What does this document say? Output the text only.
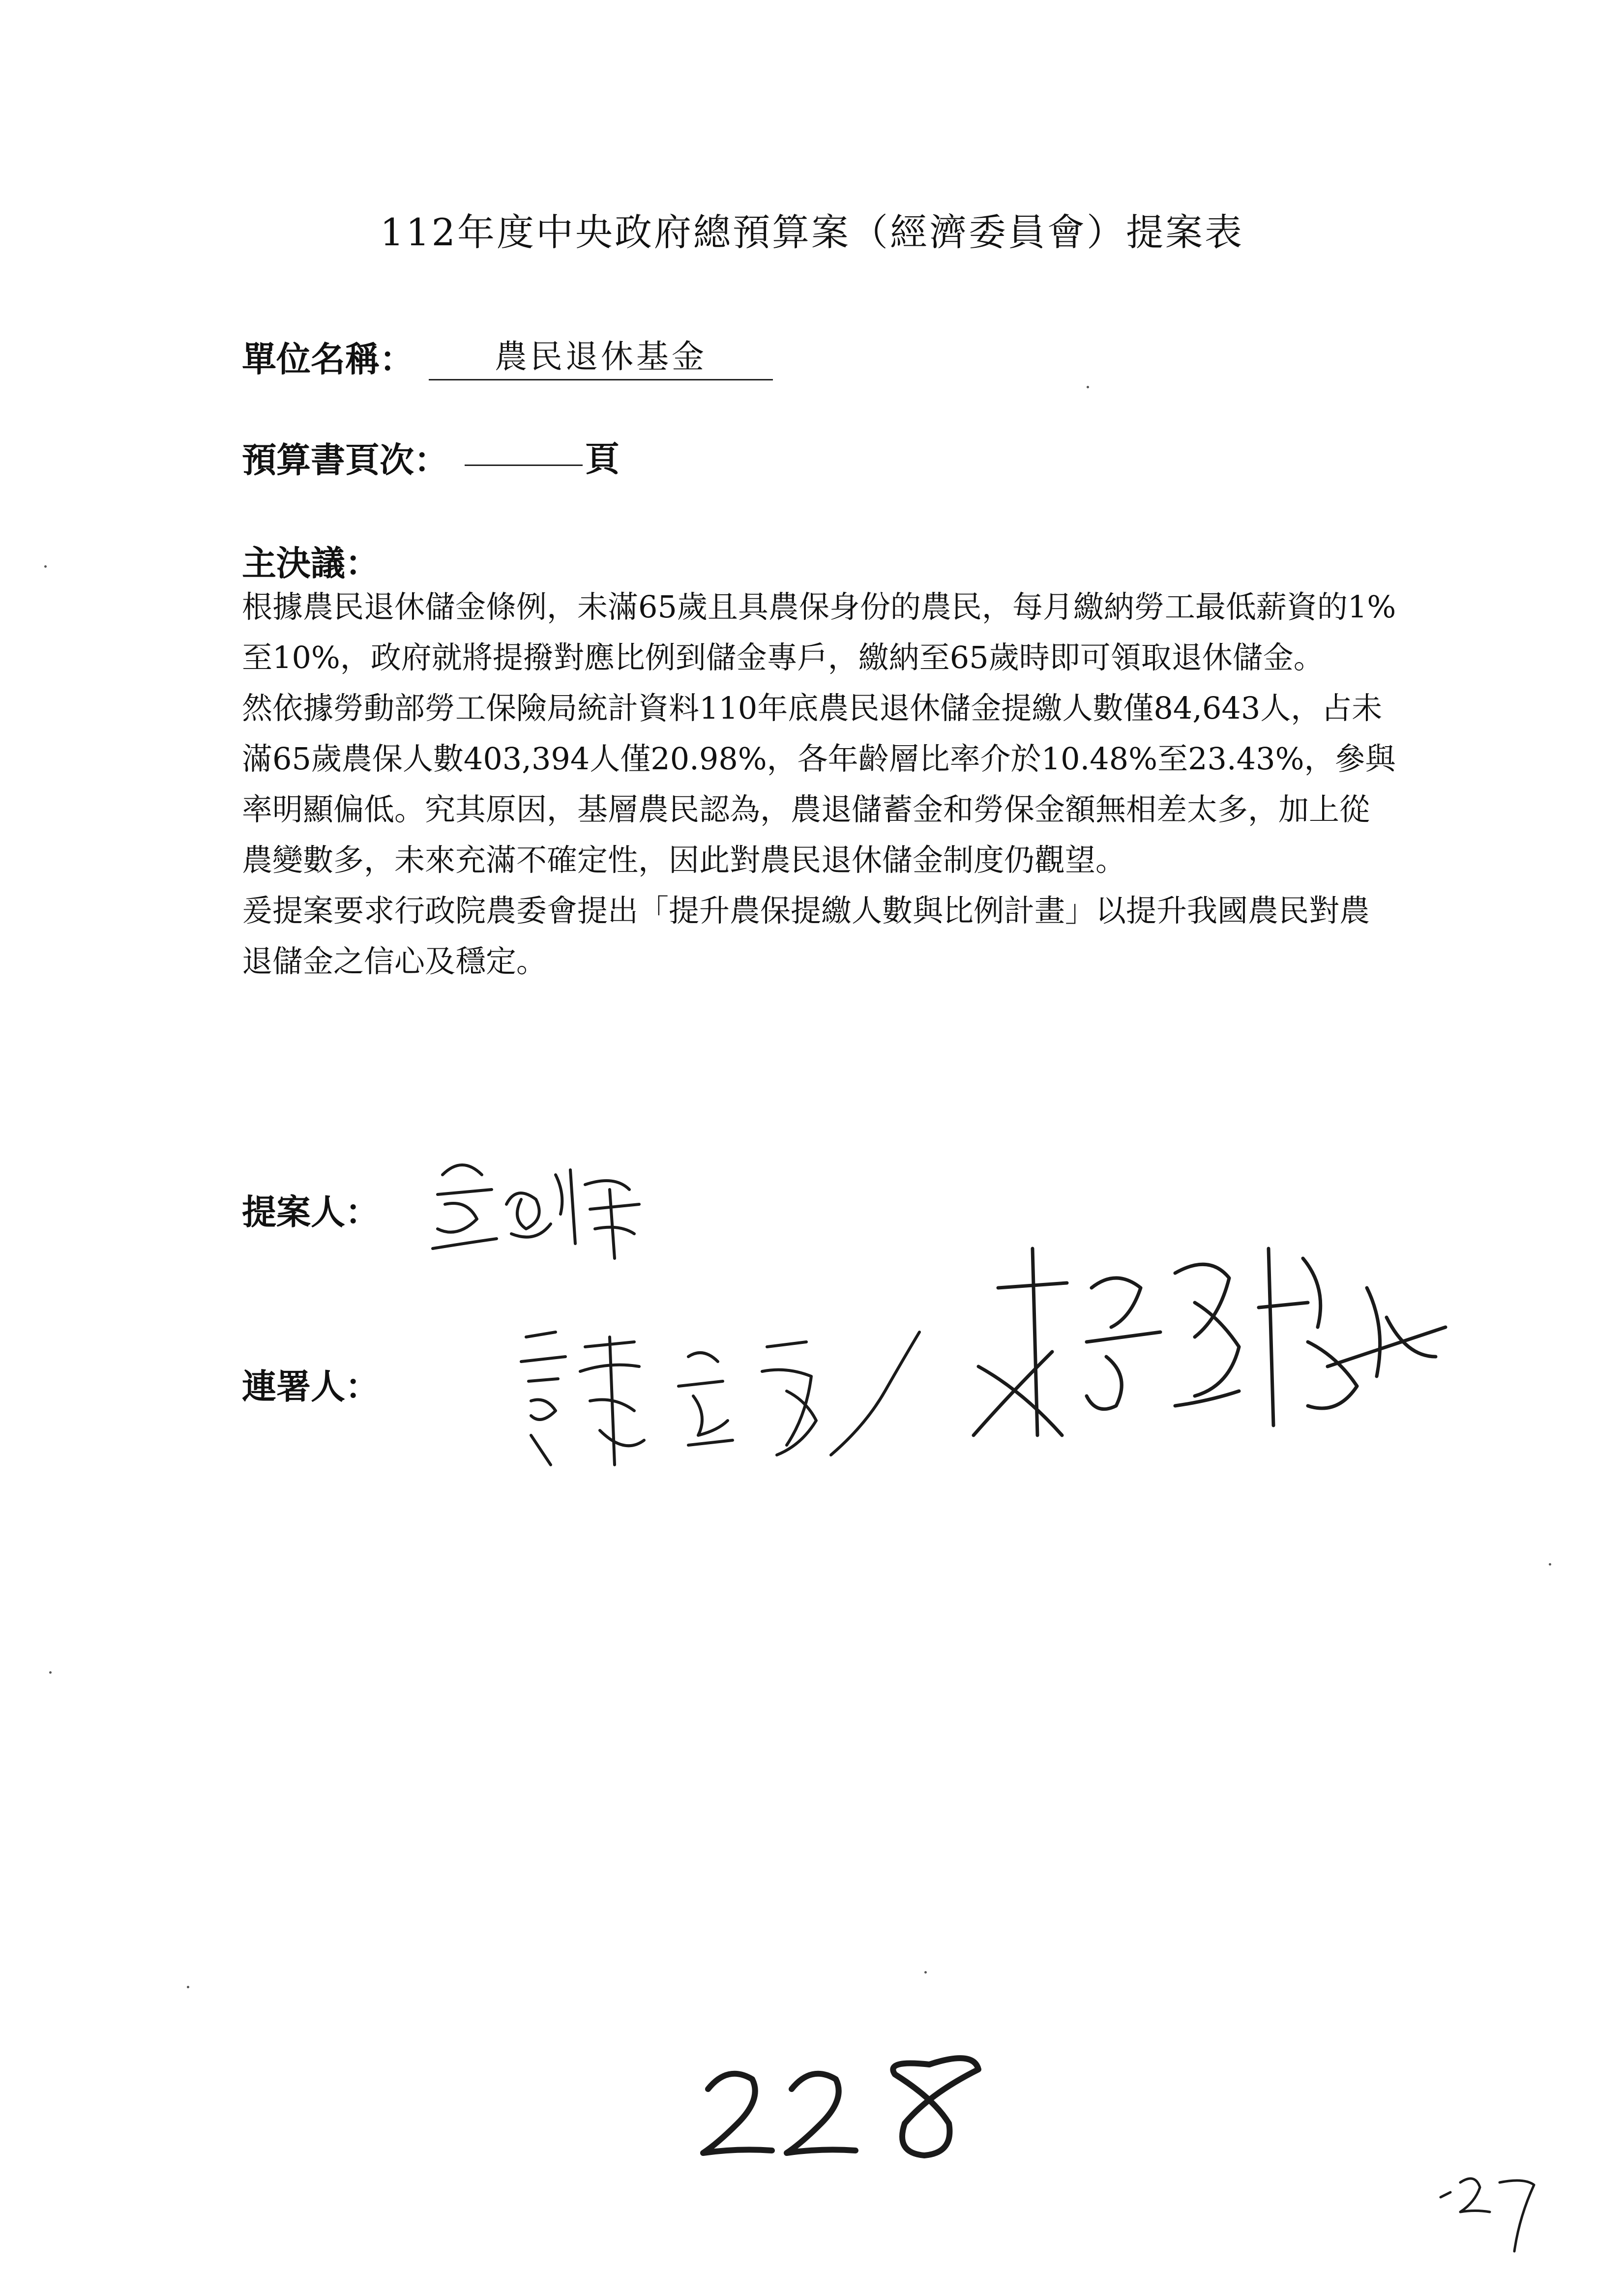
112年度中央政府總預算案（經濟委員會）提案表
單位名稱：	農民退休基金
預算書頁次：	頁
主決議：

根據農民退休儲金條例，未滿65歲且具農保身份的農民，每月繳納勞工最低薪資的1%至10%，政府就將提撥對應比例到儲金專戶，繳納至65歲時即可領取退休儲金。

然依據勞動部勞工保險局統計資料110年底農民退休儲金提繳人數僅84,643人，占未滿65歲農保人數403,394人僅20.98%，各年齡層比率介於10.48%至23.43%，參與率明顯偏低。究其原因，基層農民認為，農退儲蓄金和勞保金額無相差太多，加上從農變數多，未來充滿不確定性，因此對農民退休儲金制度仍觀望。

爰提案要求行政院農委會提出「提升農保提繳人數與比例計畫」以提升我國農民對農退儲金之信心及穩定。

提案人：
連署人：
